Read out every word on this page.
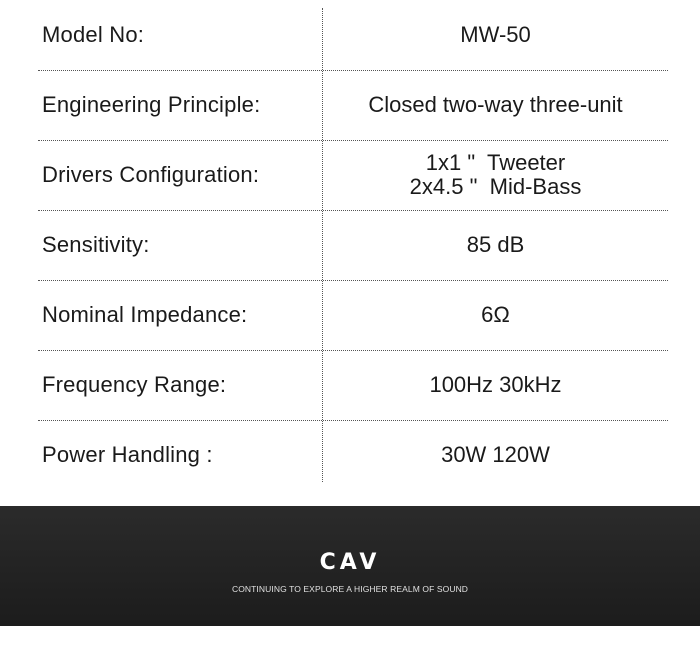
Model No:	MW-50
Engineering Principle:	Closed two-way three-unit
Drivers Configuration:	1x1 "  Tweeter
2x4.5 "  Mid-Bass
Sensitivity:	85 dB
Nominal Impedance:	6Ω
Frequency Range:	100Hz 30kHz
Power Handling :	30W 120W
CAV
CONTINUING TO EXPLORE A HIGHER REALM OF SOUND
